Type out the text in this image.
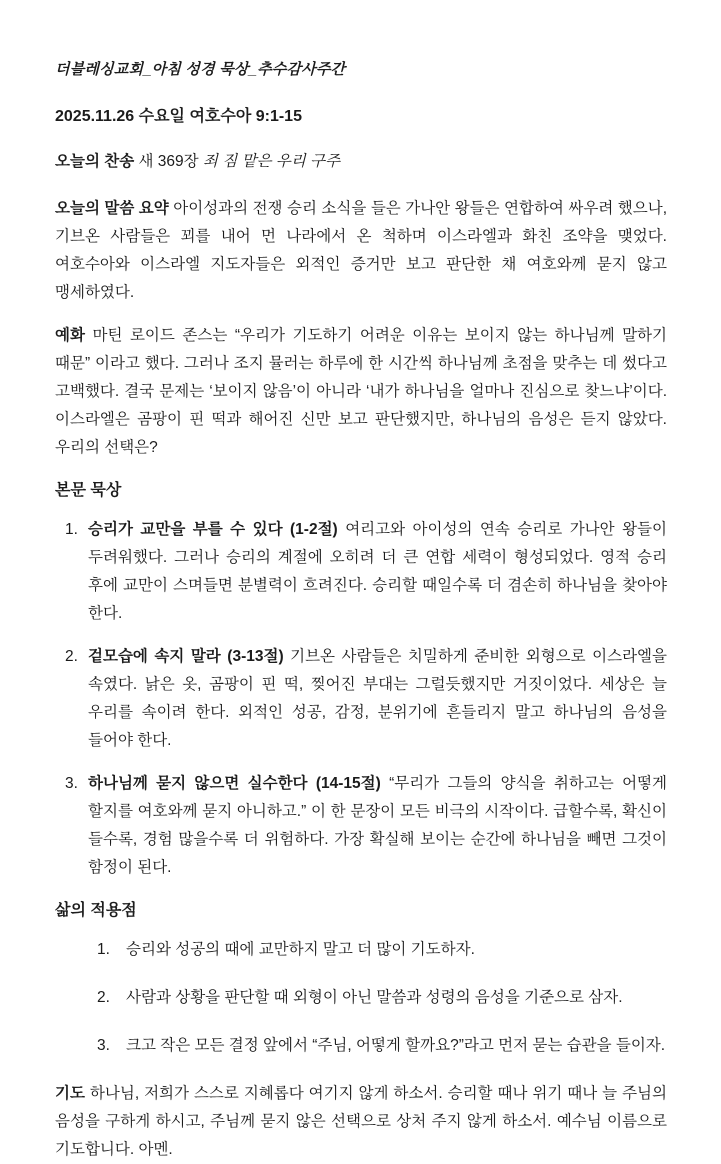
더블레싱교회_아침 성경 묵상_추수감사주간
2025.11.26 수요일 여호수아 9:1-15
오늘의 찬송 새 369장 죄 짐 맡은 우리 구주

오늘의 말씀 요약 아이성과의 전쟁 승리 소식을 들은 가나안 왕들은 연합하여 싸우려 했으나, 기브온 사람들은 꾀를 내어 먼 나라에서 온 척하며 이스라엘과 화친 조약을 맺었다. 여호수아와 이스라엘 지도자들은 외적인 증거만 보고 판단한 채 여호와께 묻지 않고 맹세하였다.

예화 마틴 로이드 존스는 “우리가 기도하기 어려운 이유는 보이지 않는 하나님께 말하기 때문” 이라고 했다. 그러나 조지 뮬러는 하루에 한 시간씩 하나님께 초점을 맞추는 데 썼다고 고백했다. 결국 문제는 ‘보이지 않음’이 아니라 ‘내가 하나님을 얼마나 진심으로 찾느냐’이다. 이스라엘은 곰팡이 핀 떡과 해어진 신만 보고 판단했지만, 하나님의 음성은 듣지 않았다. 우리의 선택은?

본문 묵상
1. 승리가 교만을 부를 수 있다 (1-2절) 여리고와 아이성의 연속 승리로 가나안 왕들이 두려워했다. 그러나 승리의 계절에 오히려 더 큰 연합 세력이 형성되었다. 영적 승리 후에 교만이 스며들면 분별력이 흐려진다. 승리할 때일수록 더 겸손히 하나님을 찾아야 한다.
2. 겉모습에 속지 말라 (3-13절) 기브온 사람들은 치밀하게 준비한 외형으로 이스라엘을 속였다. 낡은 옷, 곰팡이 핀 떡, 찢어진 부대는 그럴듯했지만 거짓이었다. 세상은 늘 우리를 속이려 한다. 외적인 성공, 감정, 분위기에 흔들리지 말고 하나님의 음성을 들어야 한다.
3. 하나님께 묻지 않으면 실수한다 (14-15절) “무리가 그들의 양식을 취하고는 어떻게 할지를 여호와께 묻지 아니하고.” 이 한 문장이 모든 비극의 시작이다. 급할수록, 확신이 들수록, 경험 많을수록 더 위험하다. 가장 확실해 보이는 순간에 하나님을 빼면 그것이 함정이 된다.
삶의 적용점
1.	승리와 성공의 때에 교만하지 말고 더 많이 기도하자.
2.	사람과 상황을 판단할 때 외형이 아닌 말씀과 성령의 음성을 기준으로 삼자.
3.	크고 작은 모든 결정 앞에서 “주님, 어떻게 할까요?”라고 먼저 묻는 습관을 들이자.

기도 하나님, 저희가 스스로 지혜롭다 여기지 않게 하소서. 승리할 때나 위기 때나 늘 주님의 음성을 구하게 하시고, 주님께 묻지 않은 선택으로 상처 주지 않게 하소서. 예수님 이름으로 기도합니다. 아멘.
